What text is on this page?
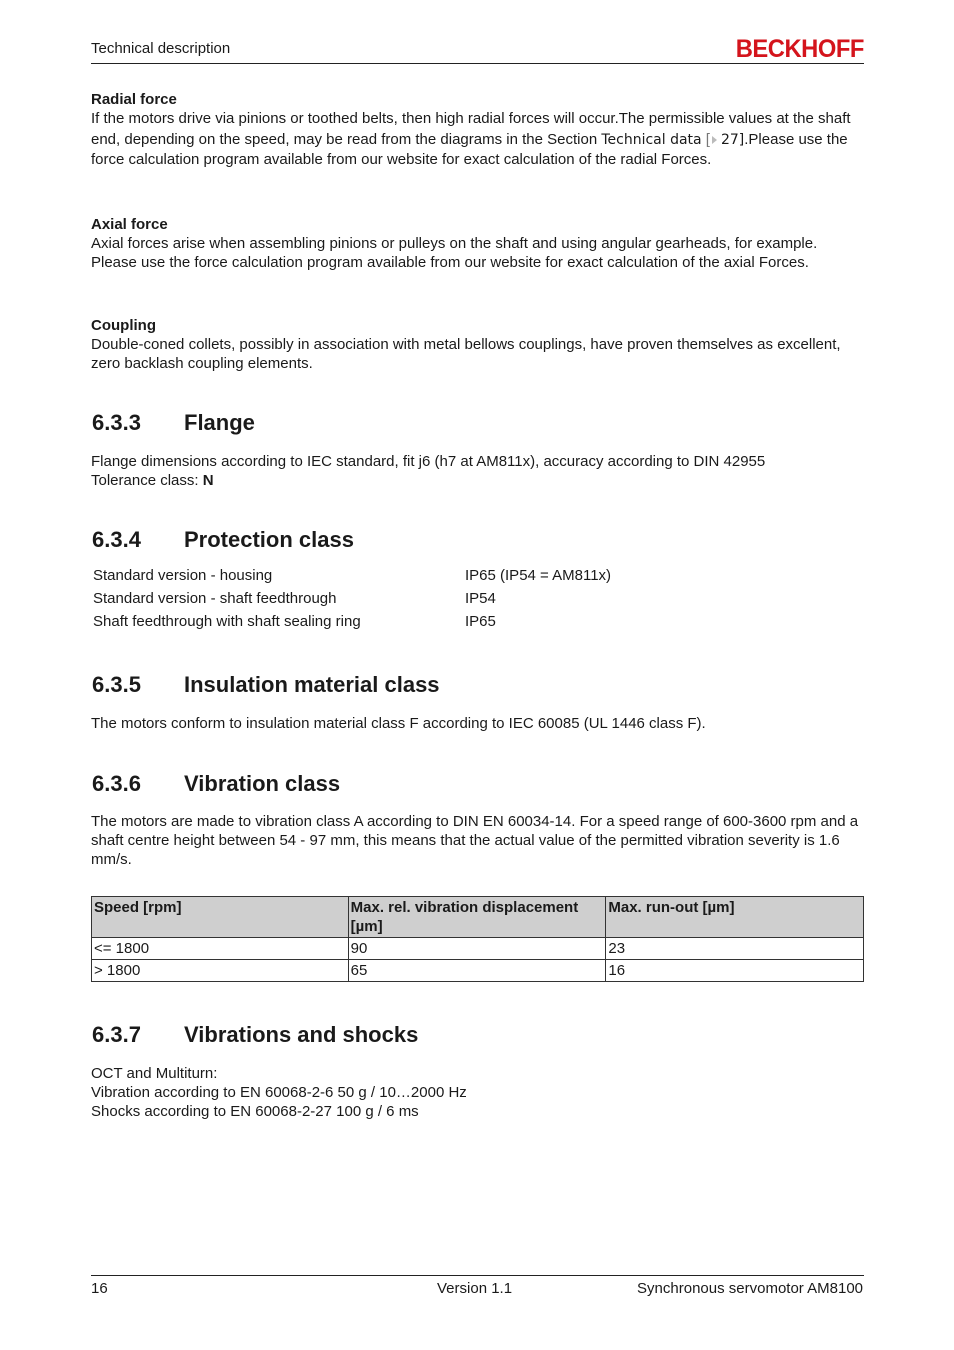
Technical description	BECKHOFF
Radial force
If the motors drive via pinions or toothed belts, then high radial forces will occur.The permissible values at the shaft end, depending on the speed, may be read from the diagrams in the Section Technical data [ 27].Please use the force calculation program available from our website for exact calculation of the radial Forces.
Axial force
Axial forces arise when assembling pinions or pulleys on the shaft and using angular gearheads, for example. Please use the force calculation program available from our website for exact calculation of the axial Forces.
Coupling
Double-coned collets, possibly in association with metal bellows couplings, have proven themselves as excellent, zero backlash coupling elements.
6.3.3 Flange
Flange dimensions according to IEC standard, fit j6 (h7 at AM811x), accuracy according to DIN 42955
Tolerance class: N
6.3.4 Protection class
Standard version - housing	IP65 (IP54 = AM811x)
Standard version - shaft feedthrough	IP54
Shaft feedthrough with shaft sealing ring	IP65
6.3.5 Insulation material class
The motors conform to insulation material class F according to IEC 60085 (UL 1446 class F).
6.3.6 Vibration class
The motors are made to vibration class A according to DIN EN 60034-14. For a speed range of 600-3600 rpm and a shaft centre height between 54 - 97 mm, this means that the actual value of the permitted vibration severity is 1.6 mm/s.
Speed [rpm]	Max. rel. vibration displacement [µm]	Max. run-out [µm]
<= 1800	90	23
> 1800	65	16
6.3.7 Vibrations and shocks
OCT and Multiturn:
Vibration according to EN 60068-2-6 50 g / 10…2000 Hz
Shocks according to EN 60068-2-27 100 g / 6 ms
16	Version 1.1	Synchronous servomotor AM8100
